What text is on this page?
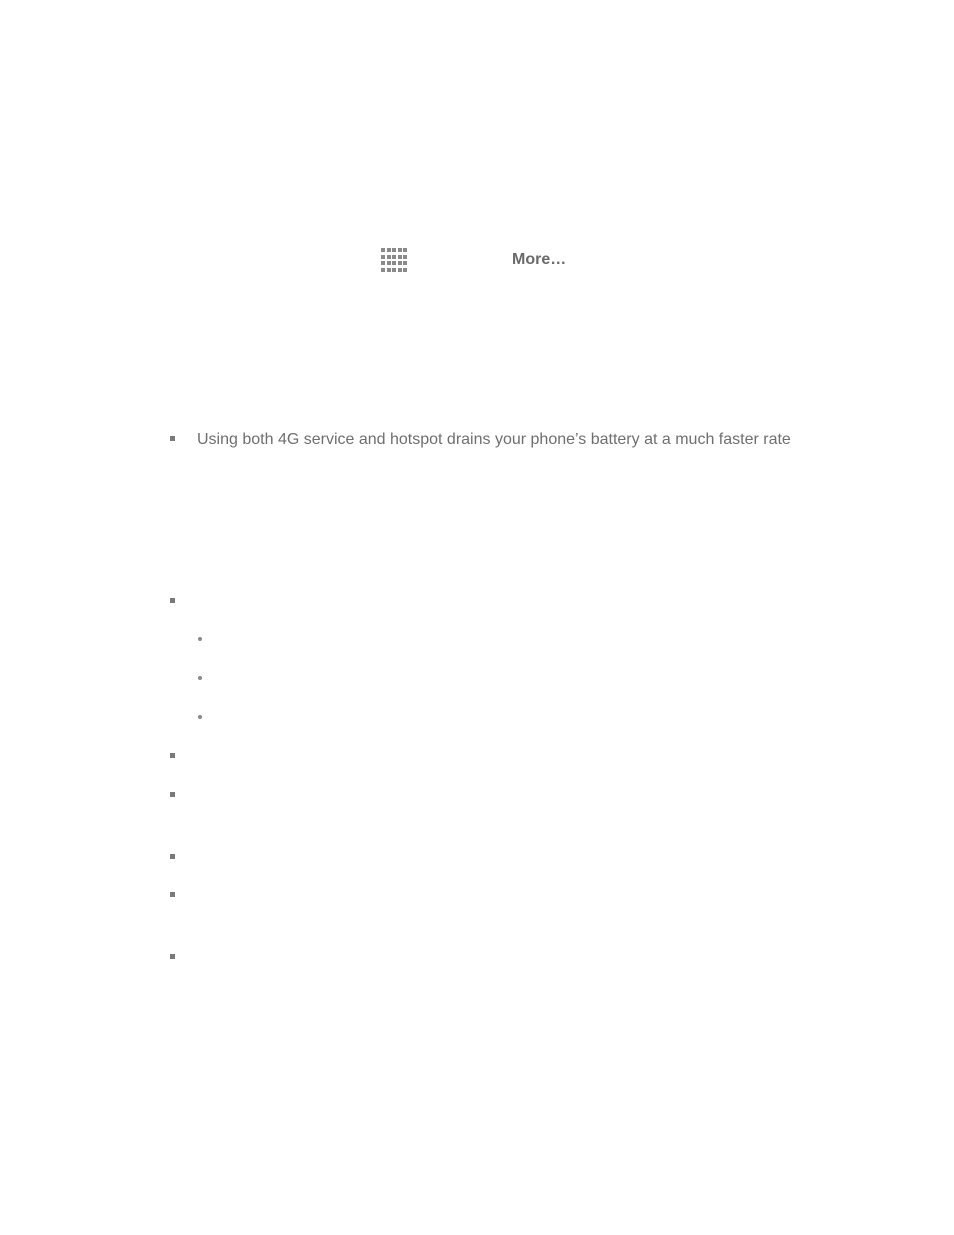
More…
Using both 4G service and hotspot drains your phone’s battery at a much faster rate
